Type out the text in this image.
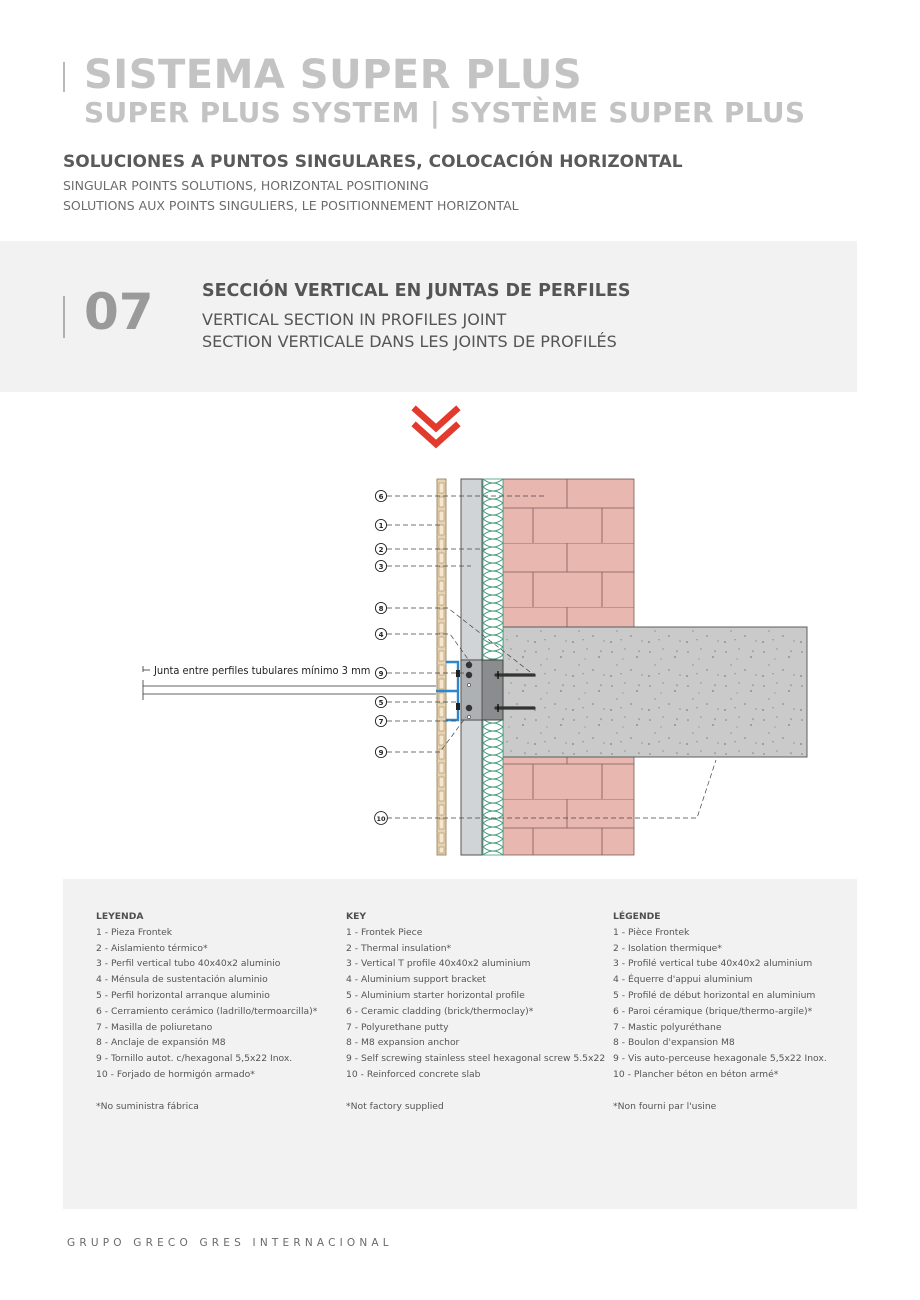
SISTEMA SUPER PLUS
SUPER PLUS SYSTEM | SYSTÈME SUPER PLUS
SOLUCIONES A PUNTOS SINGULARES, COLOCACIÓN HORIZONTAL
SINGULAR POINTS SOLUTIONS, HORIZONTAL POSITIONING
SOLUTIONS AUX POINTS SINGULIERS, LE POSITIONNEMENT HORIZONTAL
07	SECCIÓN VERTICAL EN JUNTAS DE PERFILES
VERTICAL SECTION IN PROFILES JOINT
SECTION VERTICALE DANS LES JOINTS DE PROFILÉS
Junta entre perfiles tubulares mínimo 3 mm
6
1
2
3
8
4
9
5
7
9
10
LEYENDA
1 - Pieza Frontek
2 - Aislamiento térmico*
3 - Perfil vertical tubo 40x40x2 aluminio
4 - Ménsula de sustentación aluminio
5 - Perfil horizontal arranque aluminio
6 - Cerramiento cerámico (ladrillo/termoarcilla)*
7 - Masilla de poliuretano
8 - Anclaje de expansión M8
9 - Tornillo autot. c/hexagonal 5,5x22 Inox.
10 - Forjado de hormigón armado*
*No suministra fábrica
KEY
1 - Frontek Piece
2 - Thermal insulation*
3 - Vertical T profile 40x40x2 aluminium
4 - Aluminium support bracket
5 - Aluminium starter horizontal profile
6 - Ceramic cladding (brick/thermoclay)*
7 - Polyurethane putty
8 - M8 expansion anchor
9 - Self screwing stainless steel hexagonal screw 5.5x22
10 - Reinforced concrete slab
*Not factory supplied
LÉGENDE
1 - Pièce Frontek
2 - Isolation thermique*
3 - Profilé vertical tube 40x40x2 aluminium
4 - Équerre d'appui aluminium
5 - Profilé de début horizontal en aluminium
6 - Paroi céramique (brique/thermo-argile)*
7 - Mastic polyuréthane
8 - Boulon d'expansion M8
9 - Vis auto-perceuse hexagonale 5,5x22 Inox.
10 - Plancher béton en béton armé*
*Non fourni par l'usine
GRUPO GRECO GRES INTERNACIONAL
